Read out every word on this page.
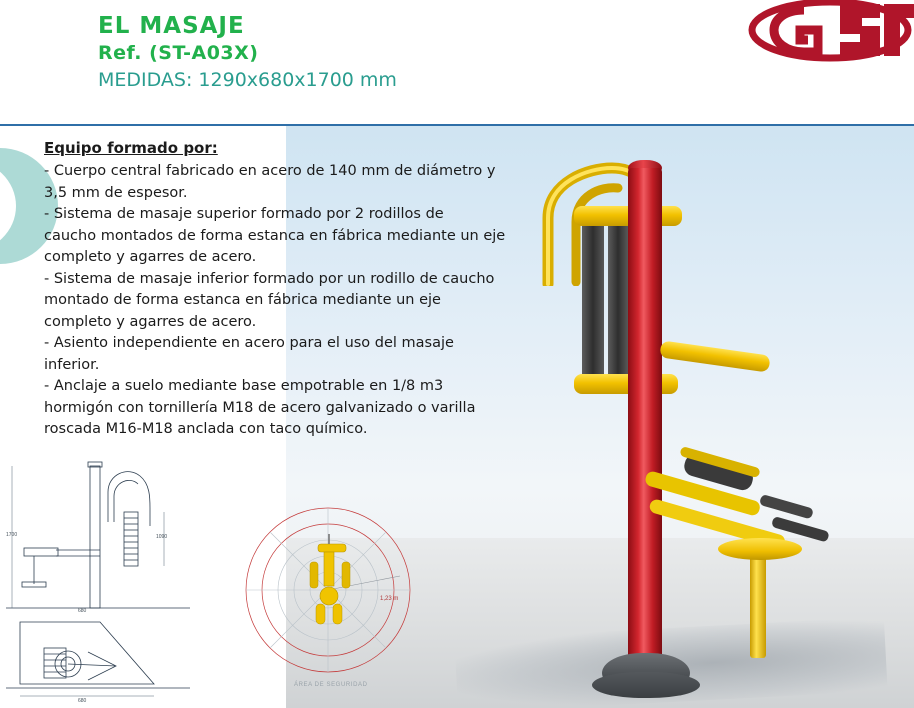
EL MASAJE

Ref. (ST-A03X)

MEDIDAS: 1290x680x1700 mm

Equipo formado por:

- Cuerpo central fabricado en acero de 140 mm de diámetro y

3,5 mm de espesor.

- Sistema de masaje superior formado por 2 rodillos de

caucho montados de forma estanca en fábrica mediante un eje

completo y agarres de acero.

- Sistema de masaje inferior formado por un rodillo de caucho

montado de forma estanca en fábrica mediante un eje

completo y agarres de acero.

- Asiento independiente en acero para el uso del masaje

inferior.

- Anclaje a suelo mediante base empotrable en 1/8 m3

hormigón con tornillería M18 de acero galvanizado o varilla

roscada M16-M18 anclada con taco químico.

1700	1090
680
680
1,23 m
ÁREA DE SEGURIDAD
